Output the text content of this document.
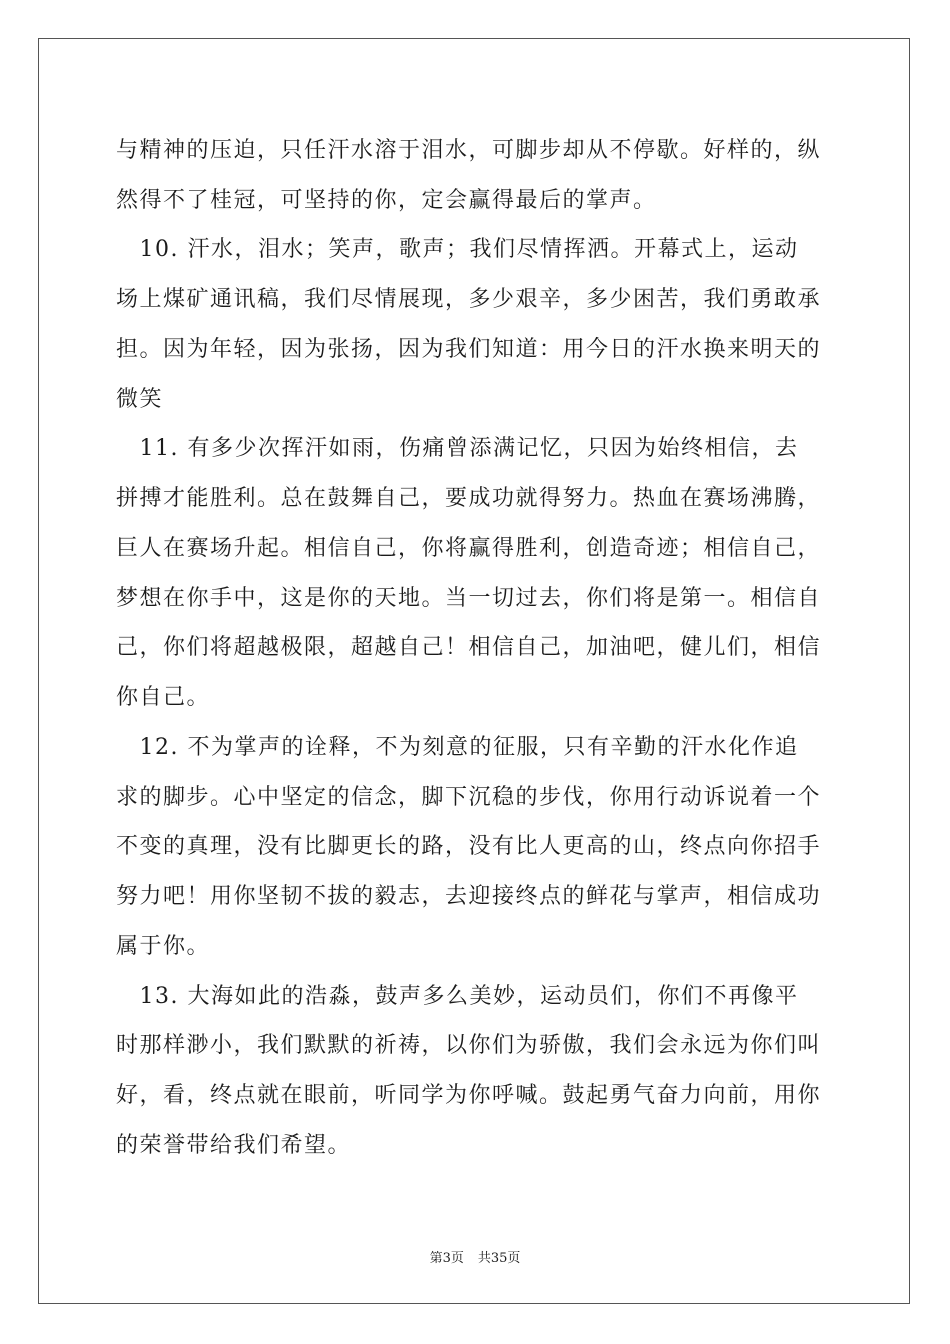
与精神的压迫，只任汗水溶于泪水，可脚步却从不停歇。好样的，纵
然得不了桂冠，可坚持的你，定会赢得最后的掌声。
　10. 汗水，泪水；笑声，歌声；我们尽情挥洒。开幕式上，运动
场上煤矿通讯稿，我们尽情展现，多少艰辛，多少困苦，我们勇敢承
担。因为年轻，因为张扬，因为我们知道：用今日的汗水换来明天的
微笑
　11. 有多少次挥汗如雨，伤痛曾添满记忆，只因为始终相信，去
拼搏才能胜利。总在鼓舞自己，要成功就得努力。热血在赛场沸腾，
巨人在赛场升起。相信自己，你将赢得胜利，创造奇迹；相信自己，
梦想在你手中，这是你的天地。当一切过去，你们将是第一。相信自
己，你们将超越极限，超越自己！相信自己，加油吧，健儿们，相信
你自己。
　12. 不为掌声的诠释，不为刻意的征服，只有辛勤的汗水化作追
求的脚步。心中坚定的信念，脚下沉稳的步伐，你用行动诉说着一个
不变的真理，没有比脚更长的路，没有比人更高的山，终点向你招手
努力吧！用你坚韧不拔的毅志，去迎接终点的鲜花与掌声，相信成功
属于你。
　13. 大海如此的浩淼，鼓声多么美妙，运动员们，你们不再像平
时那样渺小，我们默默的祈祷，以你们为骄傲，我们会永远为你们叫
好，看，终点就在眼前，听同学为你呼喊。鼓起勇气奋力向前，用你
的荣誉带给我们希望。
第3页 共35页
